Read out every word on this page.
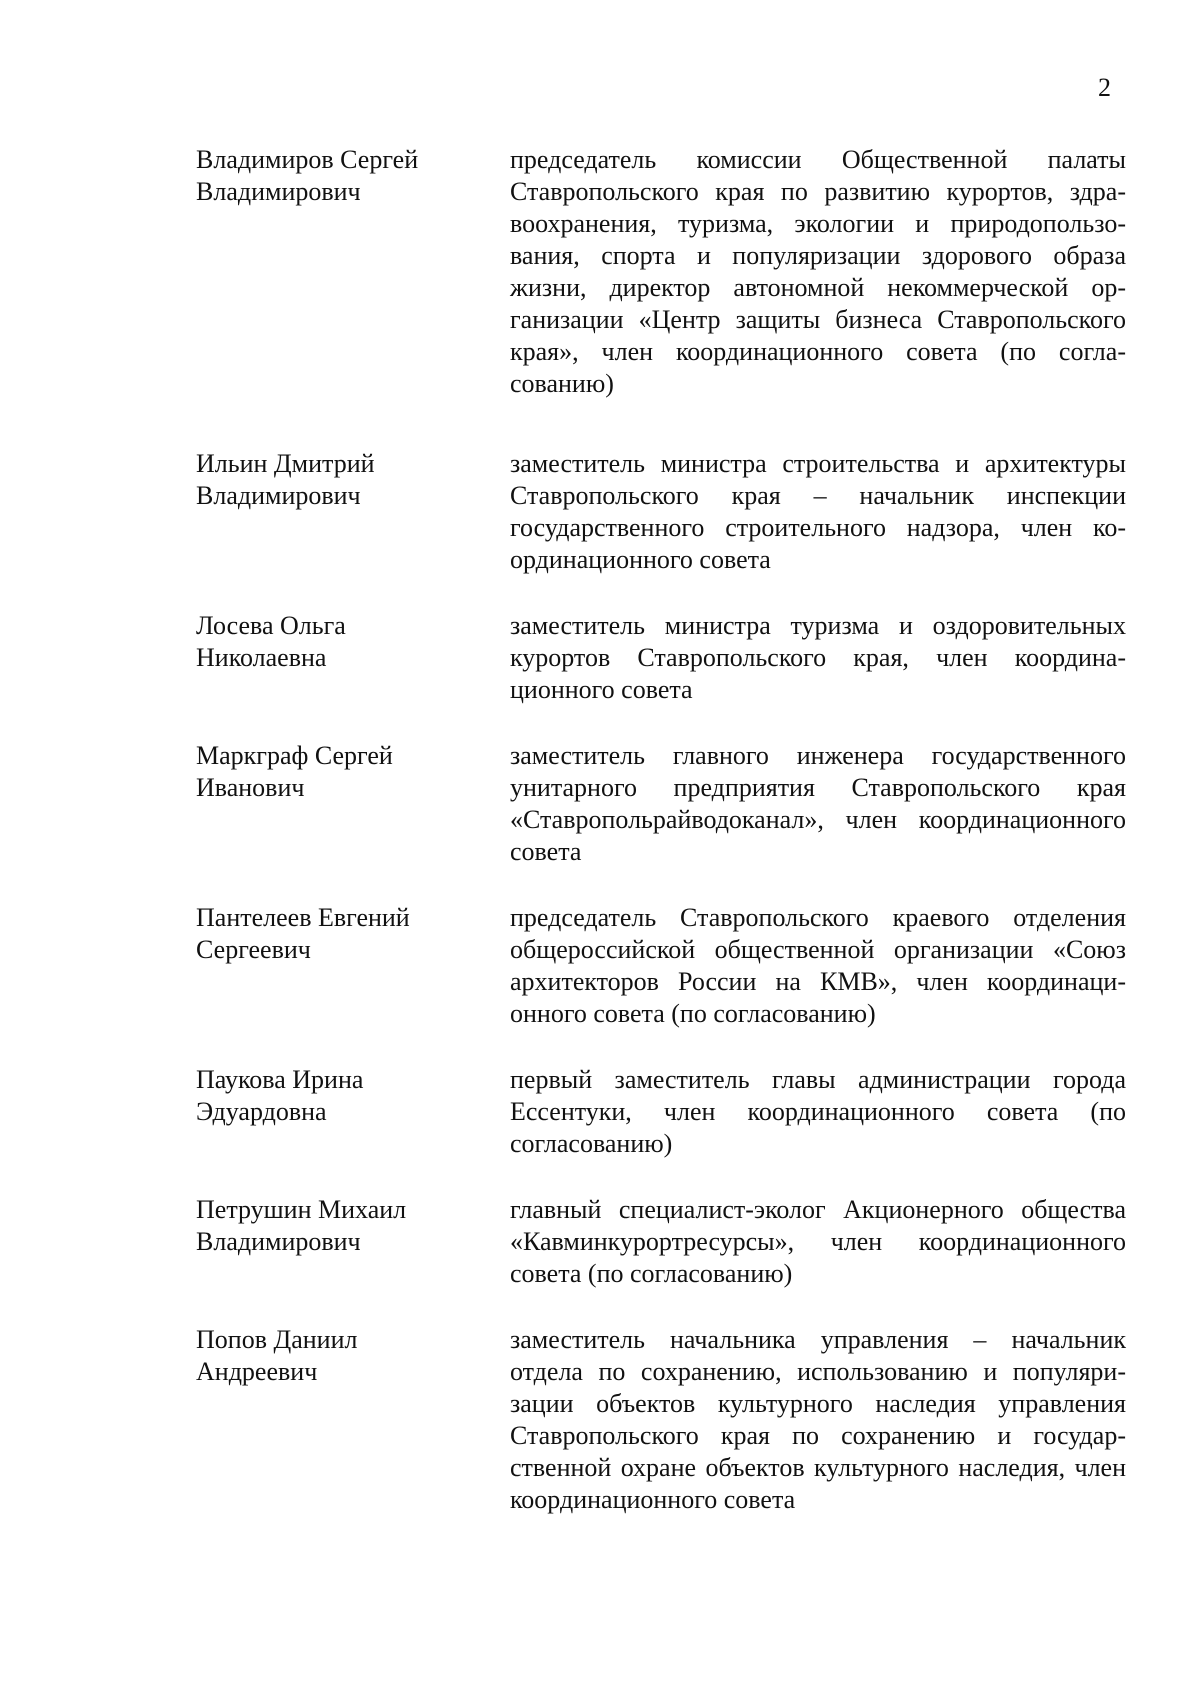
2
Владимиров Сергей
Владимирович
председатель комиссии Общественной палаты Ставропольского края по развитию курортов, здравоохранения, туризма, экологии и природопользования, спорта и популяризации здорового образа жизни, директор автономной некоммерческой организации «Центр защиты бизнеса Ставропольского края», член координационного совета (по согласованию)
Ильин Дмитрий
Владимирович
заместитель министра строительства и архитектуры Ставропольского края – начальник инспекции государственного строительного надзора, член координационного совета
Лосева Ольга
Николаевна
заместитель министра туризма и оздоровительных курортов Ставропольского края, член координационного совета
Маркграф Сергей
Иванович
заместитель главного инженера государственного унитарного предприятия Ставропольского края «Ставропольрайводоканал», член координационного совета
Пантелеев Евгений
Сергеевич
председатель Ставропольского краевого отделения общероссийской общественной организации «Союз архитекторов России на КМВ», член координационного совета (по согласованию)
Паукова Ирина
Эдуардовна
первый заместитель главы администрации города Ессентуки, член координационного совета (по согласованию)
Петрушин Михаил
Владимирович
главный специалист-эколог Акционерного общества «Кавминкурортресурсы», член координационного совета (по согласованию)
Попов Даниил
Андреевич
заместитель начальника управления – начальник отдела по сохранению, использованию и популяризации объектов культурного наследия управления Ставропольского края по сохранению и государственной охране объектов культурного наследия, член координационного совета
